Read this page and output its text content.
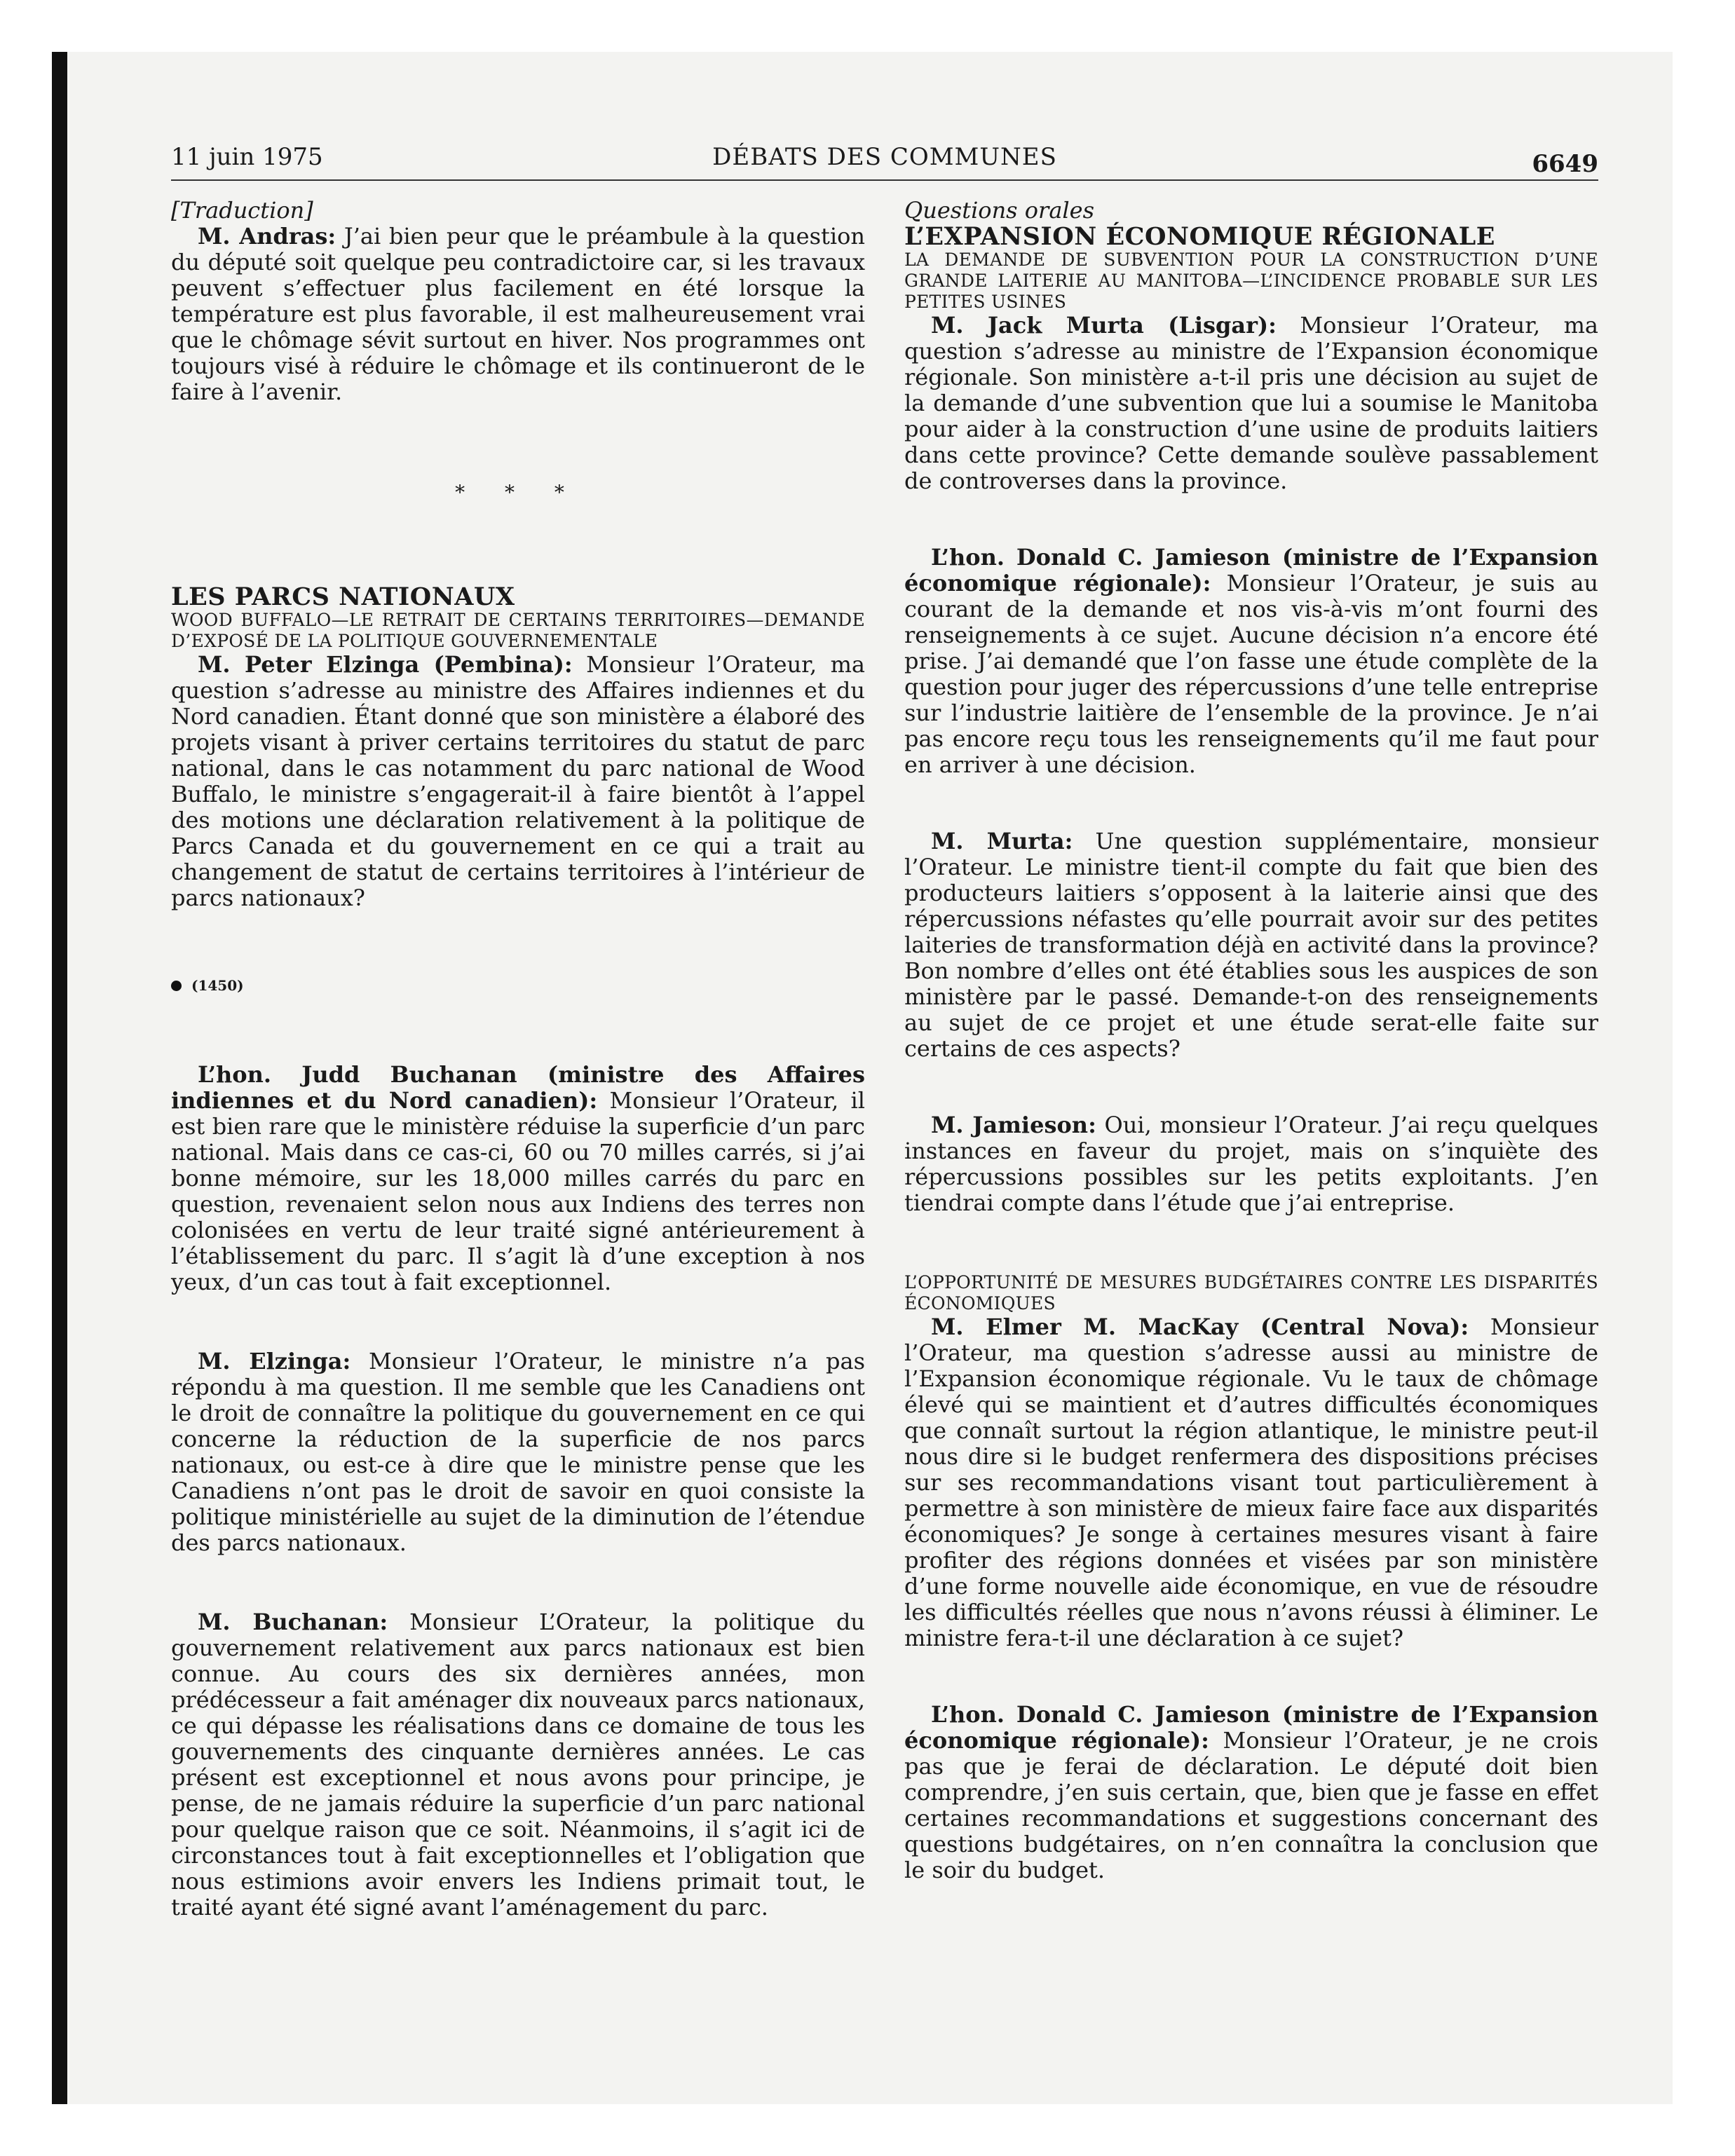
11 juin 1975	DÉBATS DES COMMUNES	6649

[Traduction]

M. Andras: J’ai bien peur que le préambule à la question du député soit quelque peu contradictoire car, si les travaux peuvent s’effectuer plus facilement en été lorsque la température est plus favorable, il est malheureusement vrai que le chômage sévit surtout en hiver. Nos programmes ont toujours visé à réduire le chômage et ils continueront de le faire à l’avenir.

* * *

LES PARCS NATIONAUX

WOOD BUFFALO—LE RETRAIT DE CERTAINS TERRITOIRES—DEMANDE D’EXPOSÉ DE LA POLITIQUE GOUVERNEMENTALE

M. Peter Elzinga (Pembina): Monsieur l’Orateur, ma question s’adresse au ministre des Affaires indiennes et du Nord canadien. Étant donné que son ministère a élaboré des projets visant à priver certains territoires du statut de parc national, dans le cas notamment du parc national de Wood Buffalo, le ministre s’engagerait-il à faire bientôt à l’appel des motions une déclaration relativement à la politique de Parcs Canada et du gouvernement en ce qui a trait au changement de statut de certains territoires à l’intérieur de parcs nationaux?

(1450)

L’hon. Judd Buchanan (ministre des Affaires indiennes et du Nord canadien): Monsieur l’Orateur, il est bien rare que le ministère réduise la superficie d’un parc national. Mais dans ce cas-ci, 60 ou 70 milles carrés, si j’ai bonne mémoire, sur les 18,000 milles carrés du parc en question, revenaient selon nous aux Indiens des terres non colonisées en vertu de leur traité signé antérieurement à l’établissement du parc. Il s’agit là d’une exception à nos yeux, d’un cas tout à fait exceptionnel.

M. Elzinga: Monsieur l’Orateur, le ministre n’a pas répondu à ma question. Il me semble que les Canadiens ont le droit de connaître la politique du gouvernement en ce qui concerne la réduction de la superficie de nos parcs nationaux, ou est-ce à dire que le ministre pense que les Canadiens n’ont pas le droit de savoir en quoi consiste la politique ministérielle au sujet de la diminution de l’étendue des parcs nationaux.

M. Buchanan: Monsieur L’Orateur, la politique du gouvernement relativement aux parcs nationaux est bien connue. Au cours des six dernières années, mon prédécesseur a fait aménager dix nouveaux parcs nationaux, ce qui dépasse les réalisations dans ce domaine de tous les gouvernements des cinquante dernières années. Le cas présent est exceptionnel et nous avons pour principe, je pense, de ne jamais réduire la superficie d’un parc national pour quelque raison que ce soit. Néanmoins, il s’agit ici de circonstances tout à fait exceptionnelles et l’obligation que nous estimions avoir envers les Indiens primait tout, le traité ayant été signé avant l’aménagement du parc.

Questions orales

L’EXPANSION ÉCONOMIQUE RÉGIONALE

LA DEMANDE DE SUBVENTION POUR LA CONSTRUCTION D’UNE GRANDE LAITERIE AU MANITOBA—L’INCIDENCE PROBABLE SUR LES PETITES USINES

M. Jack Murta (Lisgar): Monsieur l’Orateur, ma question s’adresse au ministre de l’Expansion économique régionale. Son ministère a-t-il pris une décision au sujet de la demande d’une subvention que lui a soumise le Manitoba pour aider à la construction d’une usine de produits laitiers dans cette province? Cette demande soulève passablement de controverses dans la province.

L’hon. Donald C. Jamieson (ministre de l’Expansion économique régionale): Monsieur l’Orateur, je suis au courant de la demande et nos vis-à-vis m’ont fourni des renseignements à ce sujet. Aucune décision n’a encore été prise. J’ai demandé que l’on fasse une étude complète de la question pour juger des répercussions d’une telle entreprise sur l’industrie laitière de l’ensemble de la province. Je n’ai pas encore reçu tous les renseignements qu’il me faut pour en arriver à une décision.

M. Murta: Une question supplémentaire, monsieur l’Orateur. Le ministre tient-il compte du fait que bien des producteurs laitiers s’opposent à la laiterie ainsi que des répercussions néfastes qu’elle pourrait avoir sur des petites laiteries de transformation déjà en activité dans la province? Bon nombre d’elles ont été établies sous les auspices de son ministère par le passé. Demande-t-on des renseignements au sujet de ce projet et une étude serat-elle faite sur certains de ces aspects?

M. Jamieson: Oui, monsieur l’Orateur. J’ai reçu quelques instances en faveur du projet, mais on s’inquiète des répercussions possibles sur les petits exploitants. J’en tiendrai compte dans l’étude que j’ai entreprise.

L’OPPORTUNITÉ DE MESURES BUDGÉTAIRES CONTRE LES DISPARITÉS ÉCONOMIQUES

M. Elmer M. MacKay (Central Nova): Monsieur l’Orateur, ma question s’adresse aussi au ministre de l’Expansion économique régionale. Vu le taux de chômage élevé qui se maintient et d’autres difficultés économiques que connaît surtout la région atlantique, le ministre peut-il nous dire si le budget renfermera des dispositions précises sur ses recommandations visant tout particulièrement à permettre à son ministère de mieux faire face aux disparités économiques? Je songe à certaines mesures visant à faire profiter des régions données et visées par son ministère d’une forme nouvelle aide économique, en vue de résoudre les difficultés réelles que nous n’avons réussi à éliminer. Le ministre fera-t-il une déclaration à ce sujet?

L’hon. Donald C. Jamieson (ministre de l’Expansion économique régionale): Monsieur l’Orateur, je ne crois pas que je ferai de déclaration. Le député doit bien comprendre, j’en suis certain, que, bien que je fasse en effet certaines recommandations et suggestions concernant des questions budgétaires, on n’en connaîtra la conclusion que le soir du budget.
